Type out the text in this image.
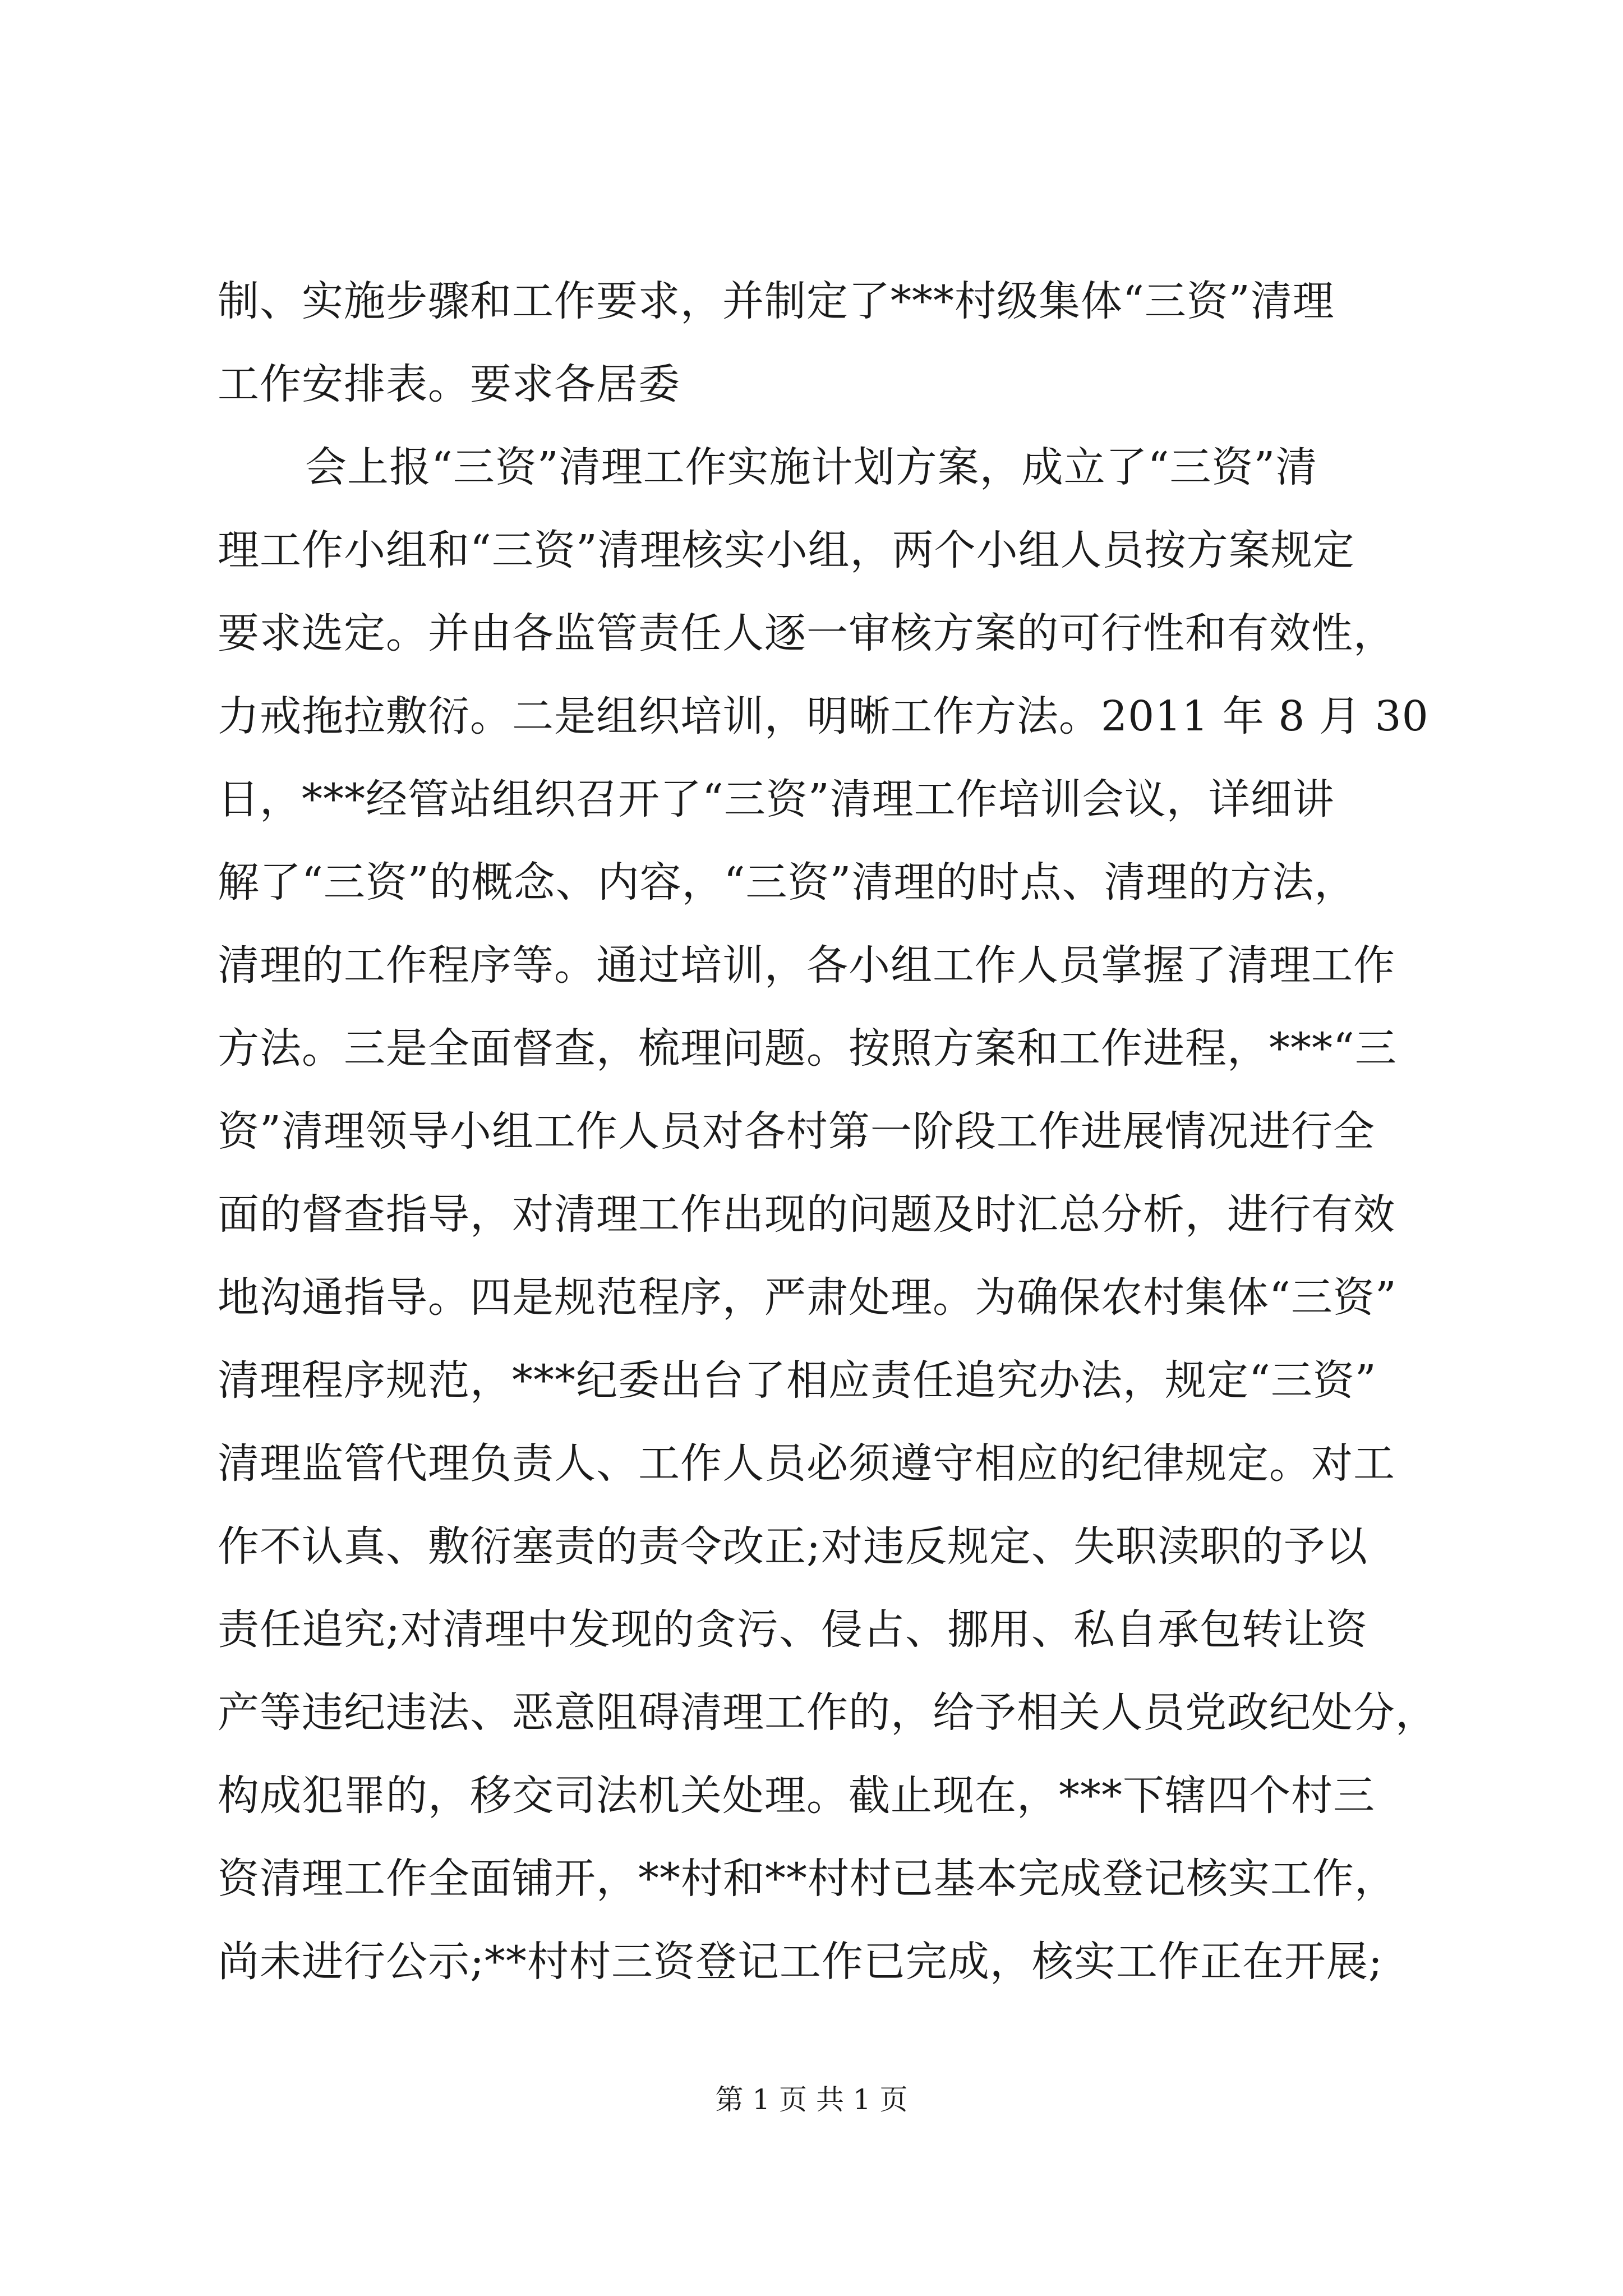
制、实施步骤和工作要求，并制定了***村级集体“三资”清理
工作安排表。要求各居委
会上报“三资”清理工作实施计划方案，成立了“三资”清
理工作小组和“三资”清理核实小组，两个小组人员按方案规定
要求选定。并由各监管责任人逐一审核方案的可行性和有效性，
力戒拖拉敷衍。二是组织培训，明晰工作方法。2011 年 8 月 30
日，***经管站组织召开了“三资”清理工作培训会议，详细讲
解了“三资”的概念、内容，“三资”清理的时点、清理的方法，
清理的工作程序等。通过培训，各小组工作人员掌握了清理工作
方法。三是全面督查，梳理问题。按照方案和工作进程，***“三
资”清理领导小组工作人员对各村第一阶段工作进展情况进行全
面的督查指导，对清理工作出现的问题及时汇总分析，进行有效
地沟通指导。四是规范程序，严肃处理。为确保农村集体“三资”
清理程序规范，***纪委出台了相应责任追究办法，规定“三资”
清理监管代理负责人、工作人员必须遵守相应的纪律规定。对工
作不认真、敷衍塞责的责令改正;对违反规定、失职渎职的予以
责任追究;对清理中发现的贪污、侵占、挪用、私自承包转让资
产等违纪违法、恶意阻碍清理工作的，给予相关人员党政纪处分，
构成犯罪的，移交司法机关处理。截止现在，***下辖四个村三
资清理工作全面铺开，**村和**村村已基本完成登记核实工作，
尚未进行公示;**村村三资登记工作已完成，核实工作正在开展;
第 1 页 共 1 页
